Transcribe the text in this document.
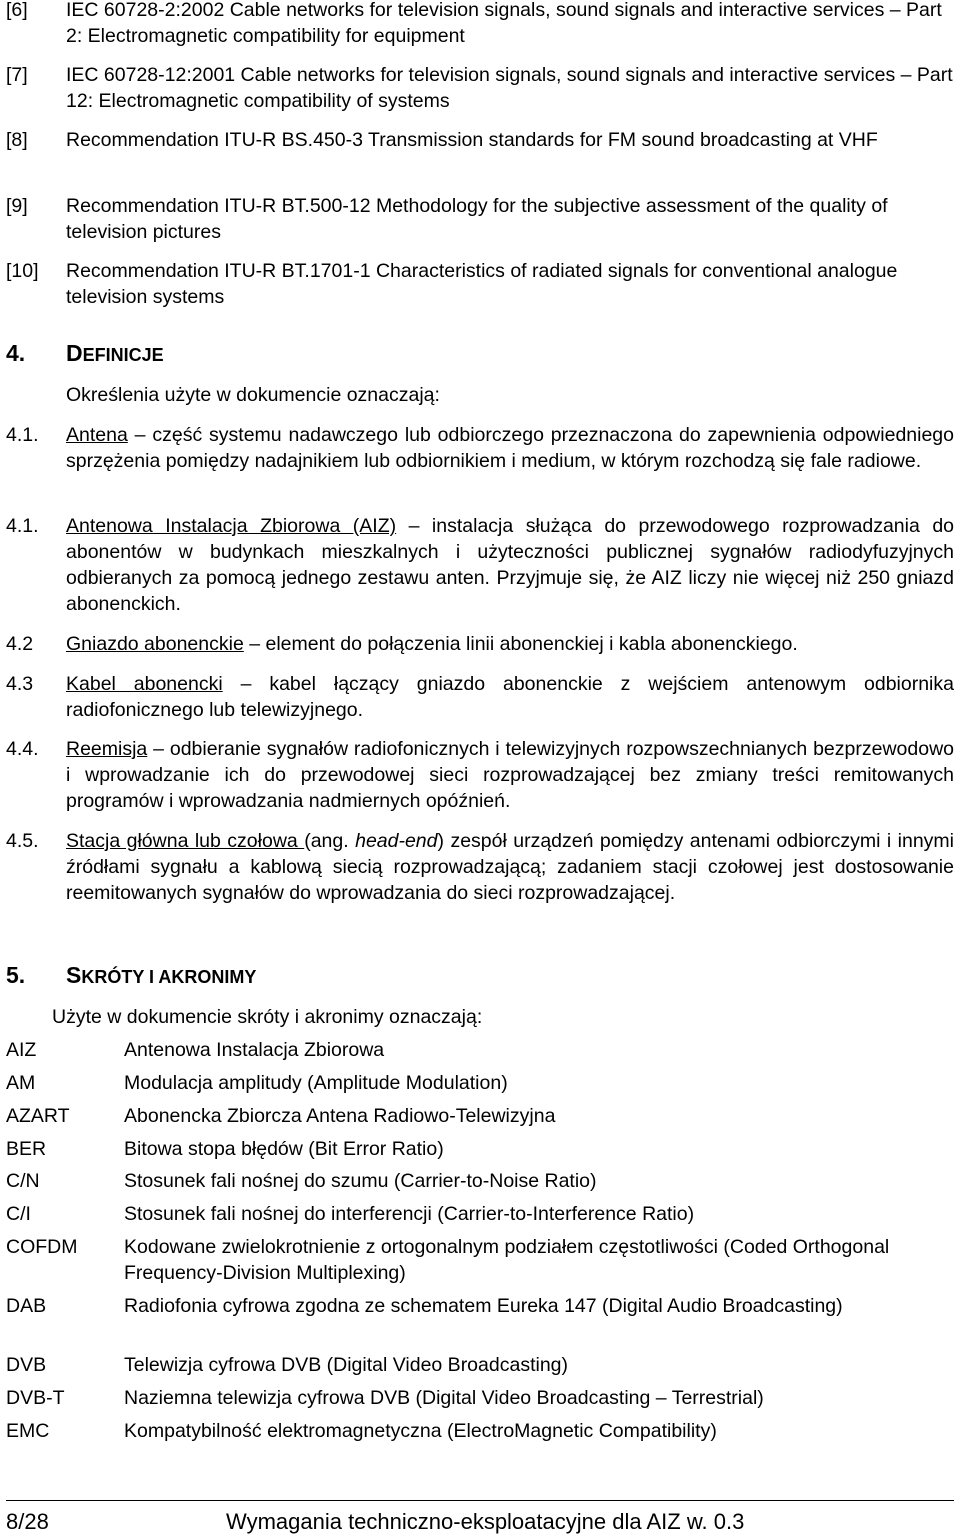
[6] IEC 60728-2:2002 Cable networks for television signals, sound signals and interactive services – Part 2: Electromagnetic compatibility for equipment
[7] IEC 60728-12:2001 Cable networks for television signals, sound signals and interactive services – Part 12: Electromagnetic compatibility of systems
[8] Recommendation ITU-R BS.450-3 Transmission standards for FM sound broadcasting at VHF
[9] Recommendation ITU-R BT.500-12 Methodology for the subjective assessment of the quality of television pictures
[10] Recommendation ITU-R BT.1701-1 Characteristics of radiated signals for conventional analogue television systems
4. DEFINICJE
Określenia użyte w dokumencie oznaczają:
4.1. Antena – część systemu nadawczego lub odbiorczego przeznaczona do zapewnienia odpowiedniego sprzężenia pomiędzy nadajnikiem lub odbiornikiem i medium, w którym rozchodzą się fale radiowe.
4.1. Antenowa Instalacja Zbiorowa (AIZ) – instalacja służąca do przewodowego rozprowadzania do abonentów w budynkach mieszkalnych i użyteczności publicznej sygnałów radiodyfuzyjnych odbieranych za pomocą jednego zestawu anten. Przyjmuje się, że AIZ liczy nie więcej niż 250 gniazd abonenckich.
4.2 Gniazdo abonenckie – element do połączenia linii abonenckiej i kabla abonenckiego.
4.3 Kabel abonencki – kabel łączący gniazdo abonenckie z wejściem antenowym odbiornika radiofonicznego lub telewizyjnego.
4.4. Reemisja – odbieranie sygnałów radiofonicznych i telewizyjnych rozpowszechnianych bezprzewodowo i wprowadzanie ich do przewodowej sieci rozprowadzającej bez zmiany treści remitowanych programów i wprowadzania nadmiernych opóźnień.
4.5. Stacja główna lub czołowa (ang. head-end) zespół urządzeń pomiędzy antenami odbiorczymi i innymi źródłami sygnału a kablową siecią rozprowadzającą; zadaniem stacji czołowej jest dostosowanie reemitowanych sygnałów do wprowadzania do sieci rozprowadzającej.
5. SKRÓTY I AKRONIMY
Użyte w dokumencie skróty i akronimy oznaczają:
AIZ	Antenowa Instalacja Zbiorowa
AM	Modulacja amplitudy (Amplitude Modulation)
AZART	Abonencka Zbiorcza Antena Radiowo-Telewizyjna
BER	Bitowa stopa błędów (Bit Error Ratio)
C/N	Stosunek fali nośnej do szumu (Carrier-to-Noise Ratio)
C/I	Stosunek fali nośnej do interferencji (Carrier-to-Interference Ratio)
COFDM Kodowane zwielokrotnienie z ortogonalnym podziałem częstotliwości (Coded Orthogonal Frequency-Division Multiplexing)
DAB	Radiofonia cyfrowa zgodna ze schematem Eureka 147 (Digital Audio Broadcasting)
DVB	Telewizja cyfrowa DVB (Digital Video Broadcasting)
DVB-T	Naziemna telewizja cyfrowa DVB (Digital Video Broadcasting – Terrestrial)
EMC	Kompatybilność elektromagnetyczna (ElectroMagnetic Compatibility)
8/28	Wymagania techniczno-eksploatacyjne dla AIZ w. 0.3
